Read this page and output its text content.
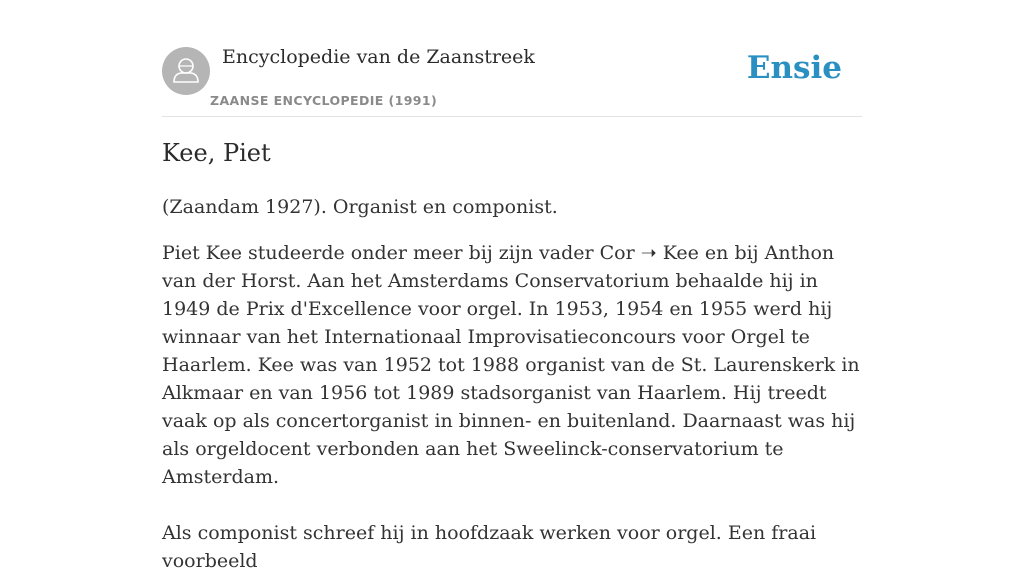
Encyclopedie van de Zaanstreek
ZAANSE ENCYCLOPEDIE (1991)
Ensie
Kee, Piet

(Zaandam 1927). Organist en componist.

Piet Kee studeerde onder meer bij zijn vader Cor ➝ Kee en bij Anthon van der Horst. Aan het Amsterdams Conservatorium behaalde hij in 1949 de Prix d'Excellence voor orgel. In 1953, 1954 en 1955 werd hij winnaar van het Internationaal Improvisatieconcours voor Orgel te Haarlem. Kee was van 1952 tot 1988 organist van de St. Laurenskerk in Alkmaar en van 1956 tot 1989 stadsorganist van Haarlem. Hij treedt vaak op als concertorganist in binnen- en buitenland. Daarnaast was hij als orgeldocent verbonden aan het Sweelinck-conservatorium te Amsterdam.
Als componist schreef hij in hoofdzaak werken voor orgel. Een fraai voorbeeld
